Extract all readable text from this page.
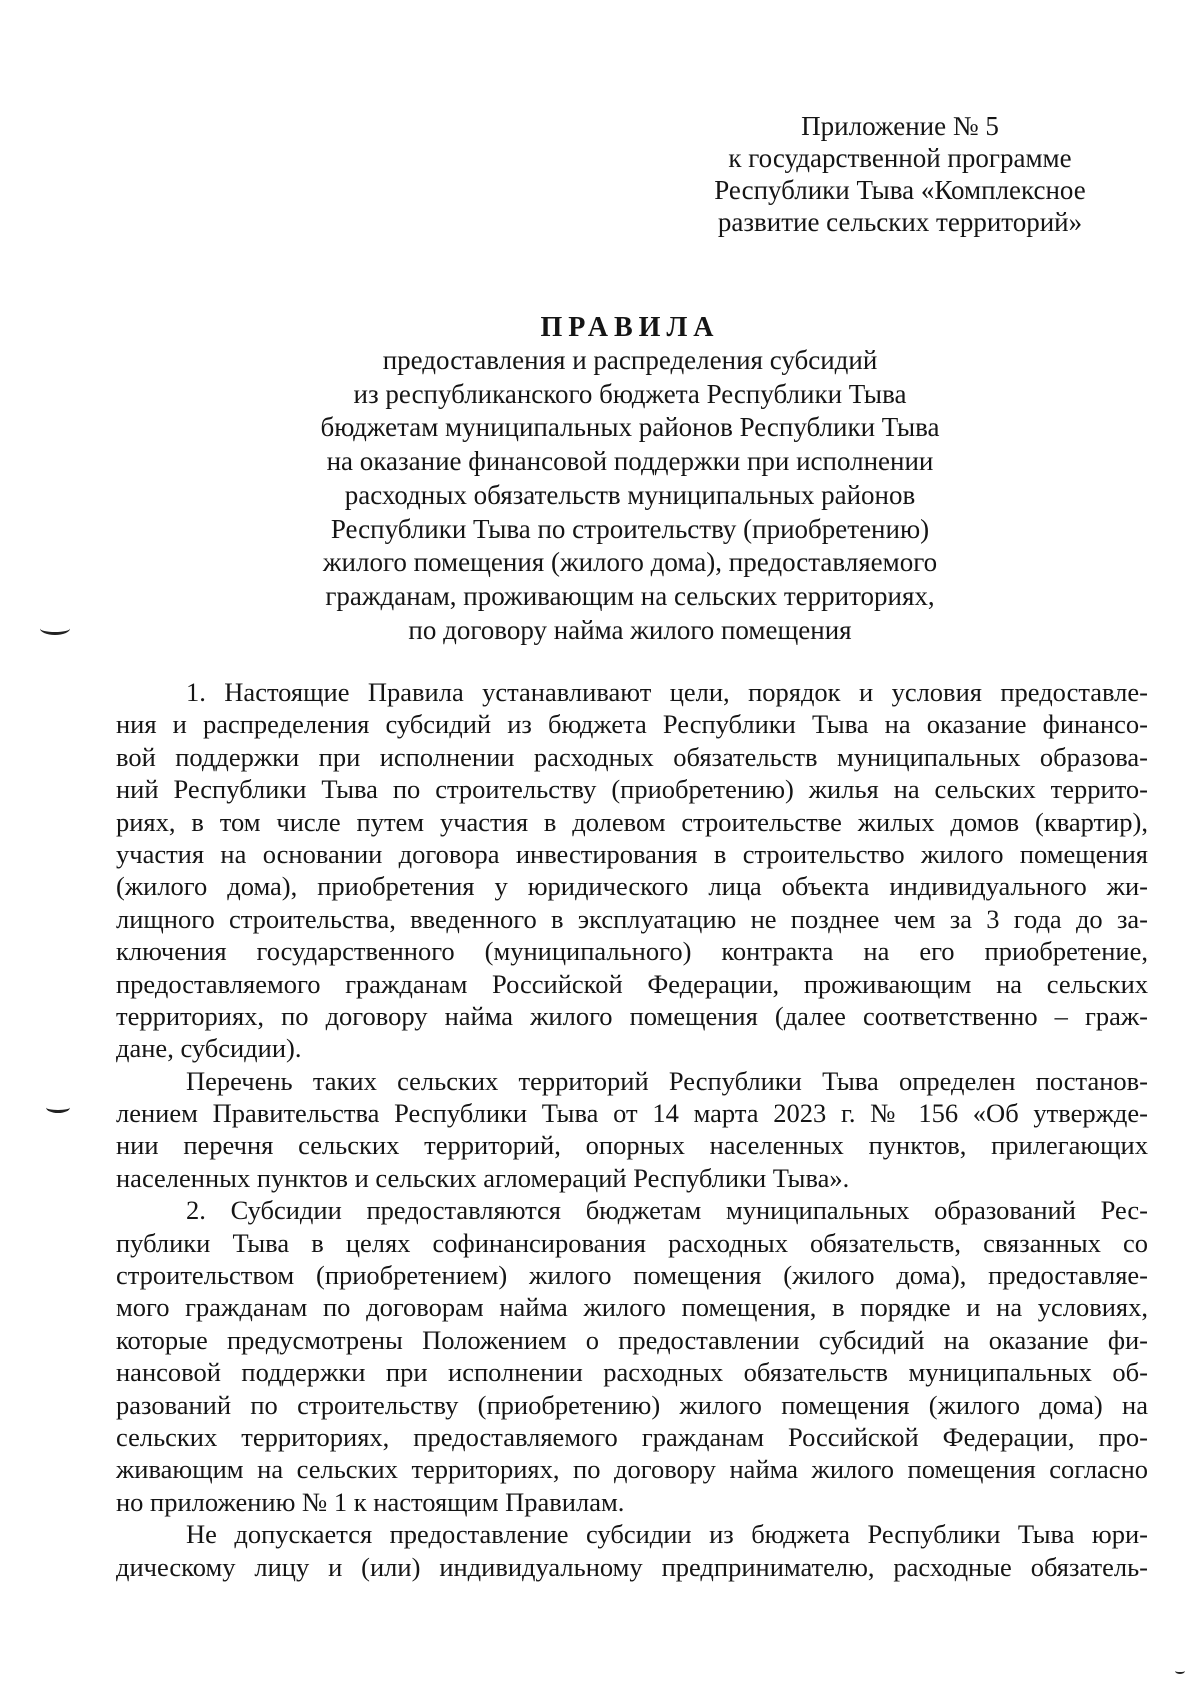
Приложение № 5
к государственной программе
Республики Тыва «Комплексное
развитие сельских территорий»
ПРАВИЛА
предоставления и распределения субсидий
из республиканского бюджета Республики Тыва
бюджетам муниципальных районов Республики Тыва
на оказание финансовой поддержки при исполнении
расходных обязательств муниципальных районов
Республики Тыва по строительству (приобретению)
жилого помещения (жилого дома), предоставляемого
гражданам, проживающим на сельских территориях,
по договору найма жилого помещения
1. Настоящие Правила устанавливают цели, порядок и условия предоставле-
ния и распределения субсидий из бюджета Республики Тыва на оказание финансо-
вой поддержки при исполнении расходных обязательств муниципальных образова-
ний Республики Тыва по строительству (приобретению) жилья на сельских террито-
риях, в том числе путем участия в долевом строительстве жилых домов (квартир),
участия на основании договора инвестирования в строительство жилого помещения
(жилого дома), приобретения у юридического лица объекта индивидуального жи-
лищного строительства, введенного в эксплуатацию не позднее чем за 3 года до за-
ключения государственного (муниципального) контракта на его приобретение,
предоставляемого гражданам Российской Федерации, проживающим на сельских
территориях, по договору найма жилого помещения (далее соответственно – граж-
дане, субсидии).
Перечень таких сельских территорий Республики Тыва определен постанов-
лением Правительства Республики Тыва от 14 марта 2023 г. № 156 «Об утвержде-
нии перечня сельских территорий, опорных населенных пунктов, прилегающих
населенных пунктов и сельских агломераций Республики Тыва».
2. Субсидии предоставляются бюджетам муниципальных образований Рес-
публики Тыва в целях софинансирования расходных обязательств, связанных со
строительством (приобретением) жилого помещения (жилого дома), предоставляе-
мого гражданам по договорам найма жилого помещения, в порядке и на условиях,
которые предусмотрены Положением о предоставлении субсидий на оказание фи-
нансовой поддержки при исполнении расходных обязательств муниципальных об-
разований по строительству (приобретению) жилого помещения (жилого дома) на
сельских территориях, предоставляемого гражданам Российской Федерации, про-
живающим на сельских территориях, по договору найма жилого помещения согласно
но приложению № 1 к настоящим Правилам.
Не допускается предоставление субсидии из бюджета Республики Тыва юри-
дическому лицу и (или) индивидуальному предпринимателю, расходные обязатель-
